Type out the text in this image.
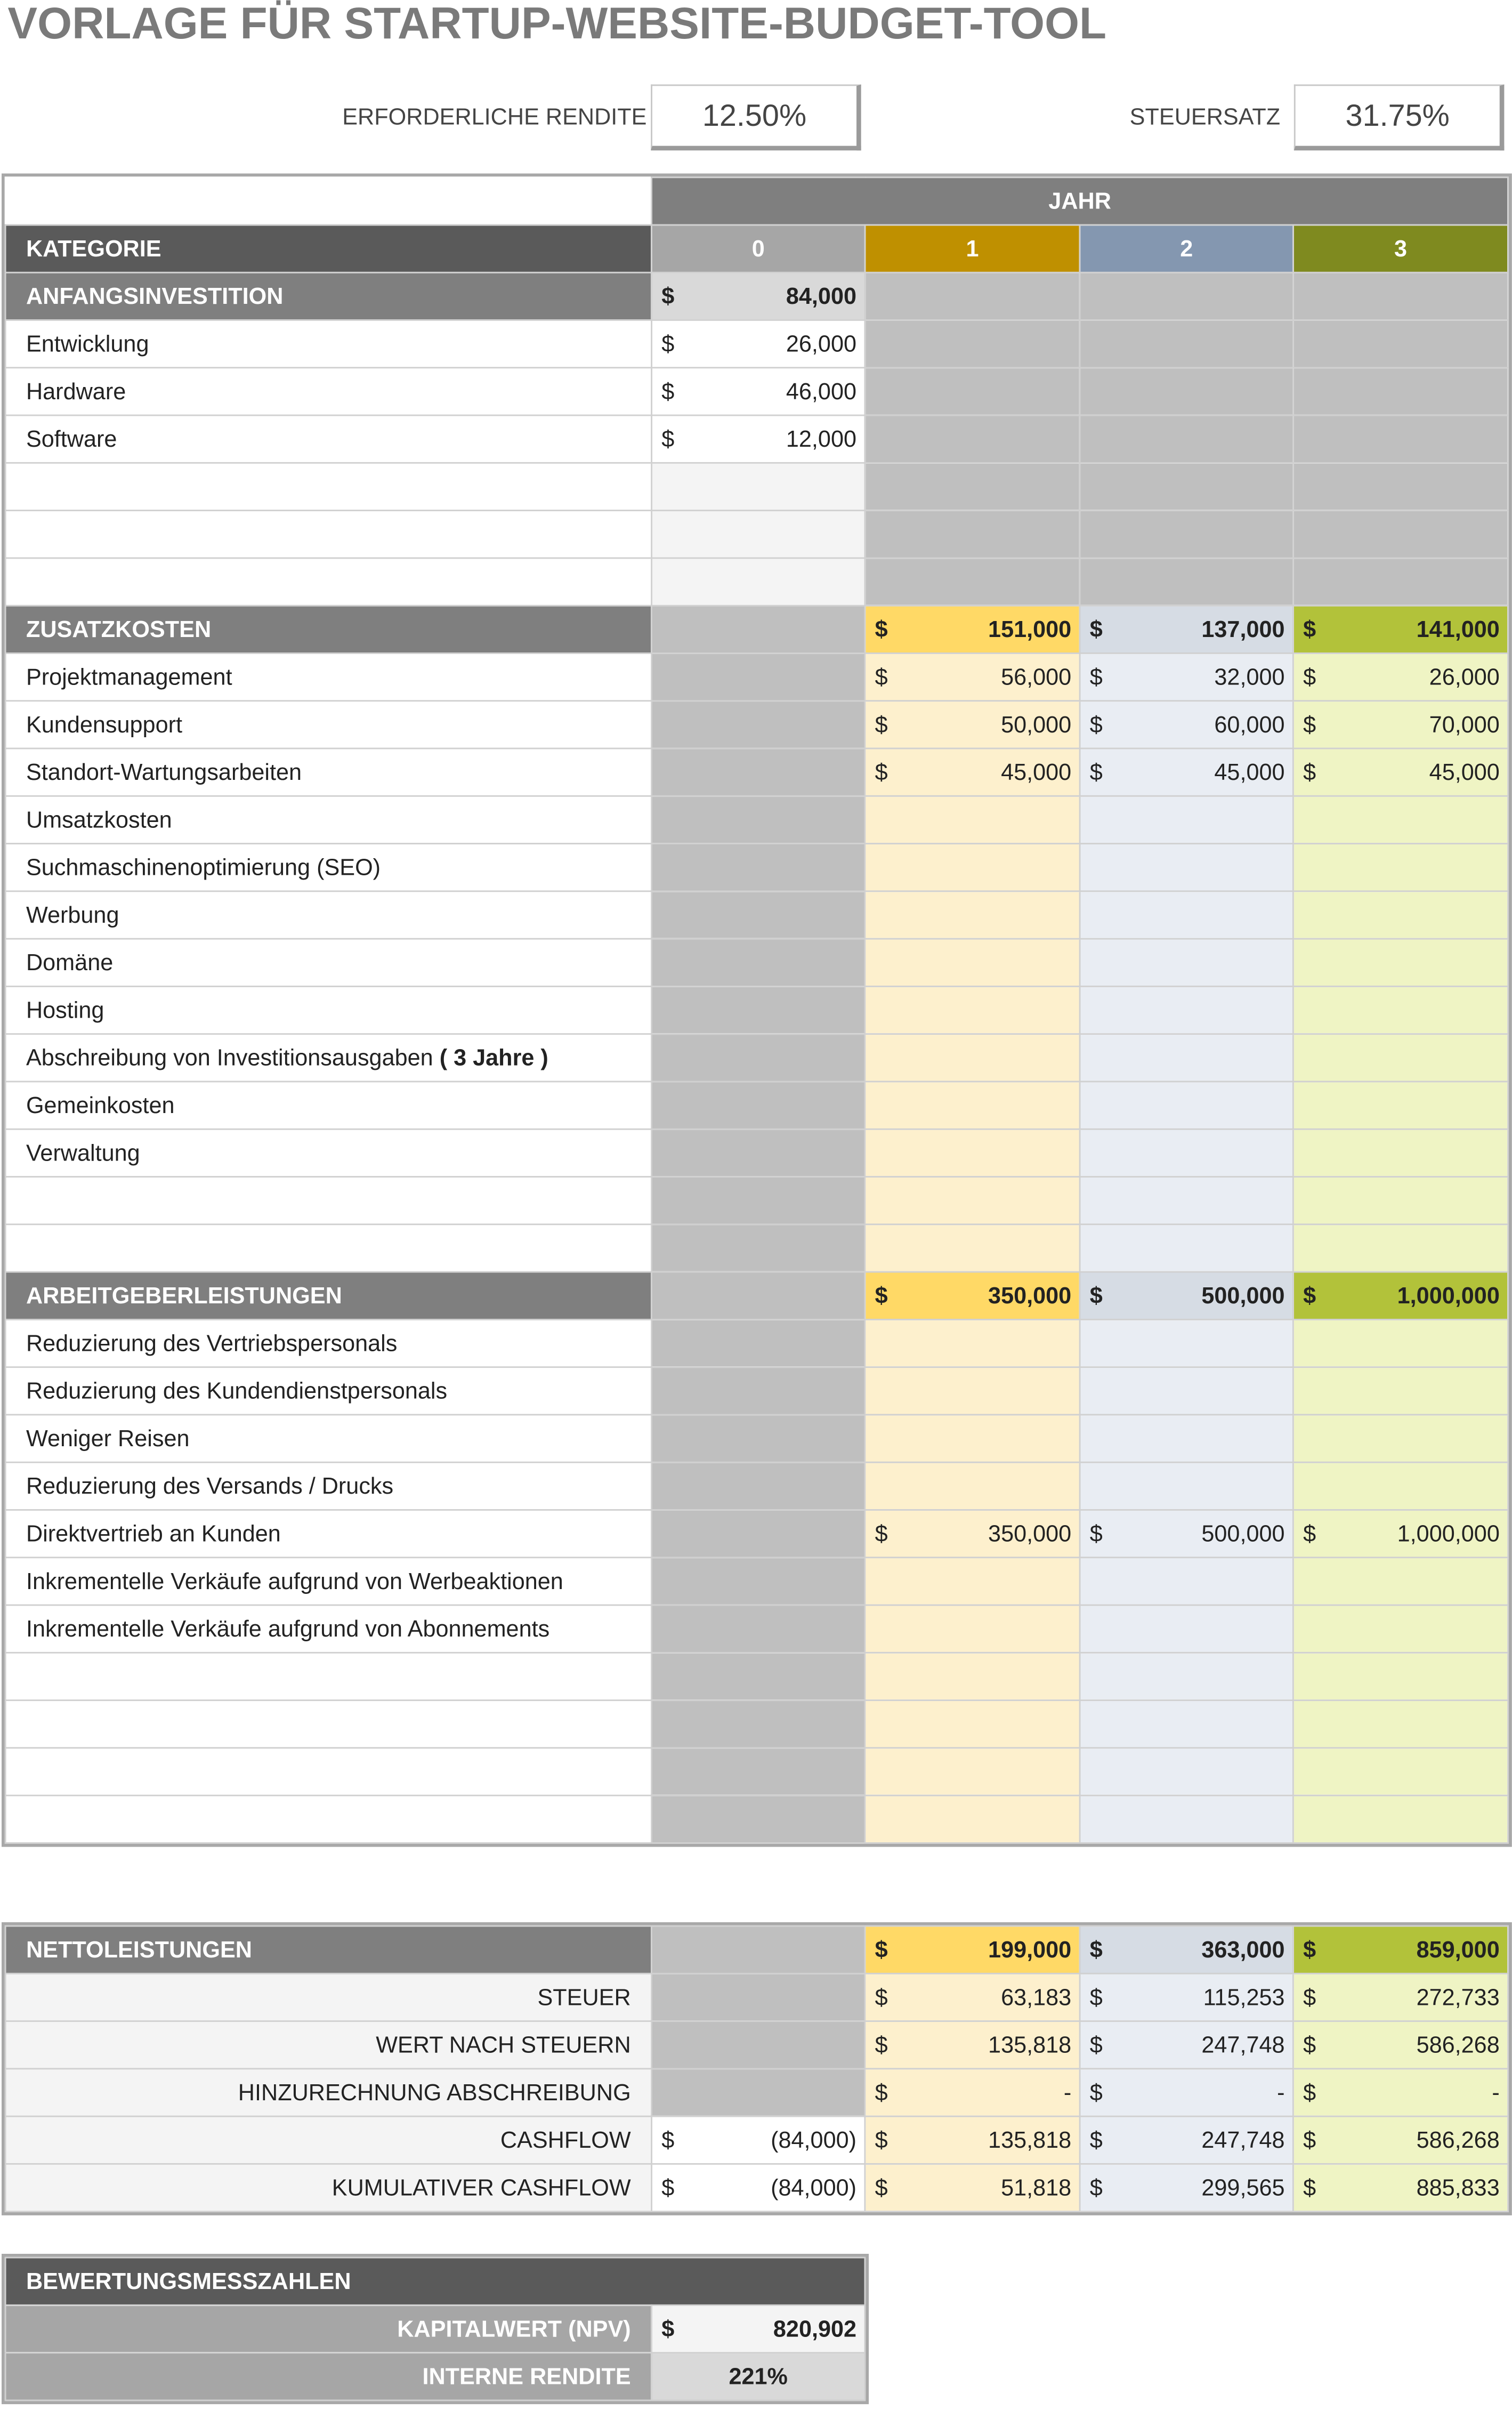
VORLAGE FÜR STARTUP-WEBSITE-BUDGET-TOOL
ERFORDERLICHE RENDITE	12.50%	STEUERSATZ	31.75%
	JAHR			
KATEGORIE	0	1	2	3
ANFANGSINVESTITION	$ 84,000			

Entwicklung	$ 26,000			

Hardware	$ 46,000			

Software	$ 12,000			

ZUSATZKOSTEN		$ 151,000	$ 137,000	$ 141,000

Projektmanagement		$ 56,000	$ 32,000	$ 26,000

Kundensupport		$ 50,000	$ 60,000	$ 70,000

Standort-Wartungsarbeiten		$ 45,000	$ 45,000	$ 45,000

Umsatzkosten				
Suchmaschinenoptimierung (SEO)				
Werbung				
Domäne				
Hosting				
Abschreibung von Investitionsausgaben ( 3 Jahre )				
Gemeinkosten				
Verwaltung				

ARBEITGEBERLEISTUNGEN		$ 350,000	$ 500,000	$ 1,000,000

Reduzierung des Vertriebspersonals				
Reduzierung des Kundendienstpersonals				
Weniger Reisen				
Reduzierung des Versands / Drucks				
Direktvertrieb an Kunden		$ 350,000	$ 500,000	$ 1,000,000

Inkrementelle Verkäufe aufgrund von Werbeaktionen				
Inkrementelle Verkäufe aufgrund von Abonnements				

NETTOLEISTUNGEN		$ 199,000	$ 363,000	$ 859,000

STEUER		$ 63,183	$ 115,253	$ 272,733

WERT NACH STEUERN		$ 135,818	$ 247,748	$ 586,268

HINZURECHNUNG ABSCHREIBUNG		$ -	$ -	$ -

CASHFLOW	$ (84,000)	$ 135,818	$ 247,748	$ 586,268

KUMULATIVER CASHFLOW	$ (84,000)	$ 51,818	$ 299,565	$ 885,833
BEWERTUNGSMESSZAHLEN	
KAPITALWERT (NPV)	$ 820,902

INTERNE RENDITE	221%
